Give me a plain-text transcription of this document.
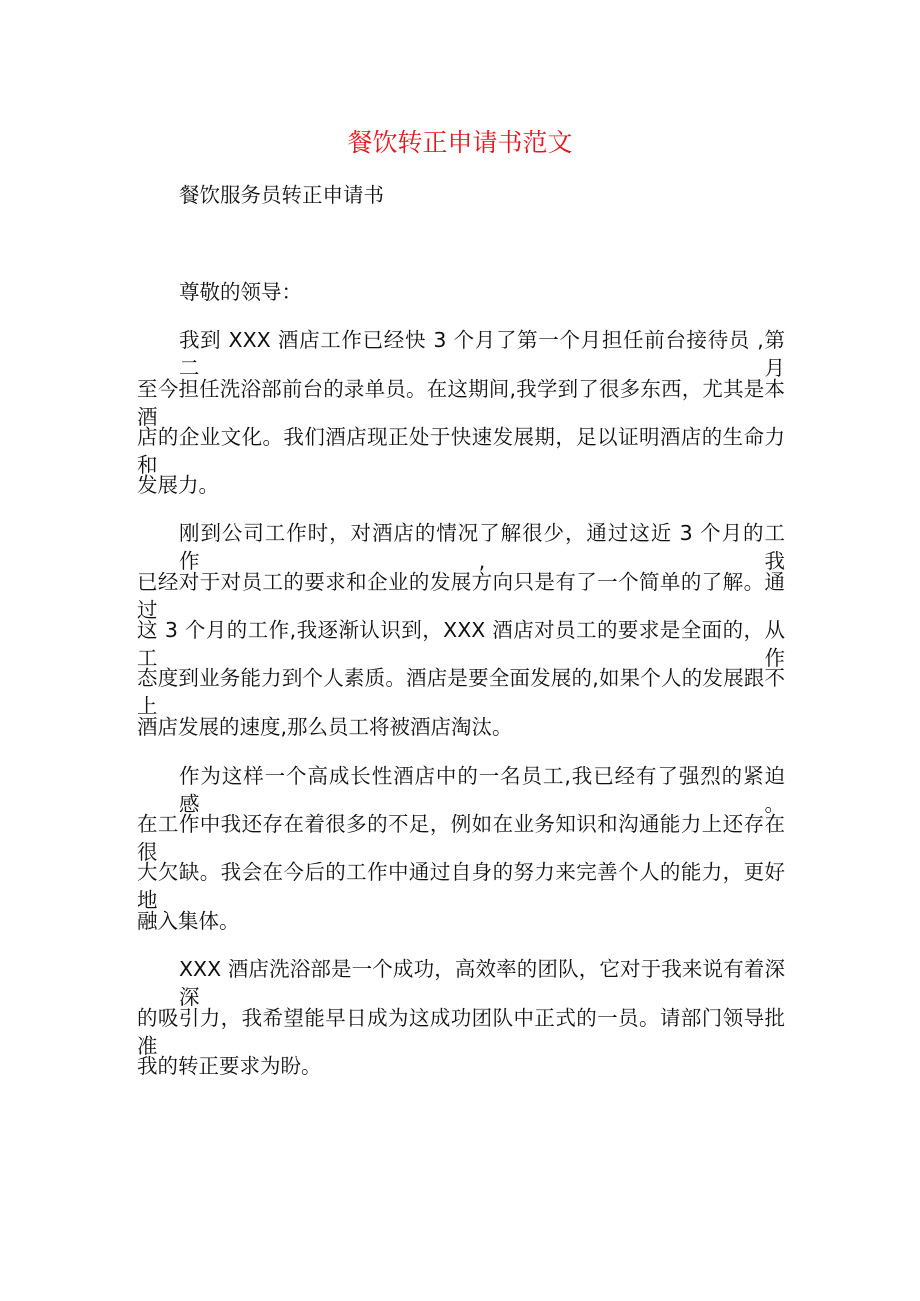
餐饮转正申请书范文
餐饮服务员转正申请书
尊敬的领导：
我到 XXX 酒店工作已经快 3 个月了第一个月担任前台接待员 ,第二月
至今担任洗浴部前台的录单员。在这期间,我学到了很多东西，尤其是本酒
店的企业文化。我们酒店现正处于快速发展期，足以证明酒店的生命力和
发展力。
刚到公司工作时，对酒店的情况了解很少，通过这近 3 个月的工作,我
已经对于对员工的要求和企业的发展方向只是有了一个简单的了解。通过
这 3 个月的工作,我逐渐认识到，XXX 酒店对员工的要求是全面的，从工作
态度到业务能力到个人素质。酒店是要全面发展的,如果个人的发展跟不上
酒店发展的速度,那么员工将被酒店淘汰。
作为这样一个高成长性酒店中的一名员工,我已经有了强烈的紧迫感。
在工作中我还存在着很多的不足，例如在业务知识和沟通能力上还存在很
大欠缺。我会在今后的工作中通过自身的努力来完善个人的能力，更好地
融入集体。
XXX 酒店洗浴部是一个成功，高效率的团队，它对于我来说有着深深
的吸引力，我希望能早日成为这成功团队中正式的一员。请部门领导批准
我的转正要求为盼。
